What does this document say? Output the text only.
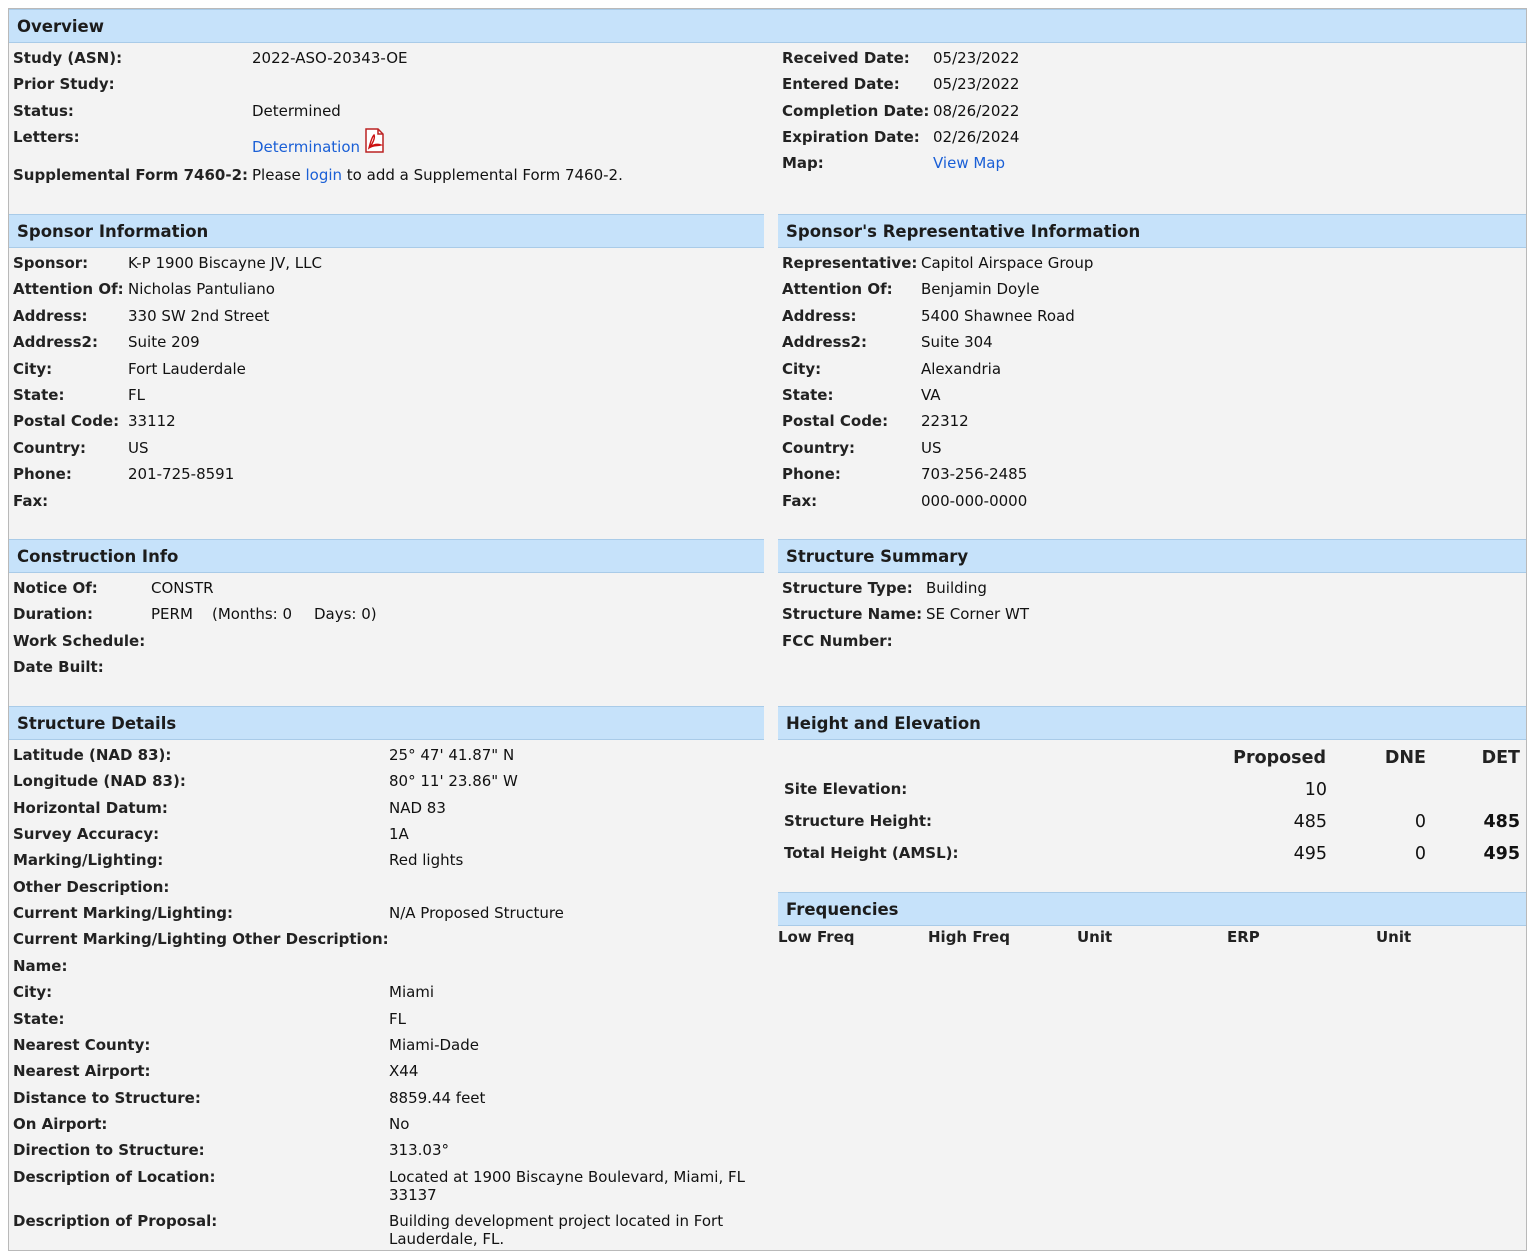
Overview
Study (ASN):	2022-ASO-20343-OE
Prior Study:
Status:	Determined
Letters:
Determination
Supplemental Form 7460-2: Please login to add a Supplemental Form 7460-2.
Received Date: 05/23/2022
Entered Date: 05/23/2022
Completion Date: 08/26/2022
Expiration Date: 02/26/2024
Map:	View Map
Sponsor Information
Sponsor:	K-P 1900 Biscayne JV, LLC
Attention Of: Nicholas Pantuliano
Address:	330 SW 2nd Street
Address2: Suite 209
City:	Fort Lauderdale
State:	FL
Postal Code: 33112
Country:	US
Phone:	201-725-8591
Fax:
Sponsor's Representative Information
Representative: Capitol Airspace Group
Attention Of: Benjamin Doyle
Address:	5400 Shawnee Road
Address2:	Suite 304
City:	Alexandria
State:	VA
Postal Code: 22312
Country:	US
Phone:	703-256-2485
Fax:	000-000-0000
Construction Info
Notice Of:	CONSTR
Duration:	PERM (Months: 0 Days: 0)
Work Schedule:
Date Built:
Structure Summary
Structure Type: Building
Structure Name: SE Corner WT
FCC Number:
Structure Details
Latitude (NAD 83):	25° 47' 41.87" N
Longitude (NAD 83):	80° 11' 23.86" W
Horizontal Datum:	NAD 83
Survey Accuracy:	1A
Marking/Lighting:	Red lights
Other Description:
Current Marking/Lighting:	N/A Proposed Structure
Current Marking/Lighting Other Description:
Name:
City:	Miami
State:	FL
Nearest County:	Miami-Dade
Nearest Airport:	X44
Distance to Structure:	8859.44 feet
On Airport:	No
Direction to Structure:	313.03°
Description of Location:	Located at 1900 Biscayne Boulevard, Miami, FL 33137
Description of Proposal:	Building development project located in Fort Lauderdale, FL.
Height and Elevation
Proposed	DNE	DET
Site Elevation:	10
Structure Height:	485	0	485
Total Height (AMSL):	495	0	495
Frequencies
Low Freq	High Freq	Unit	ERP	Unit
